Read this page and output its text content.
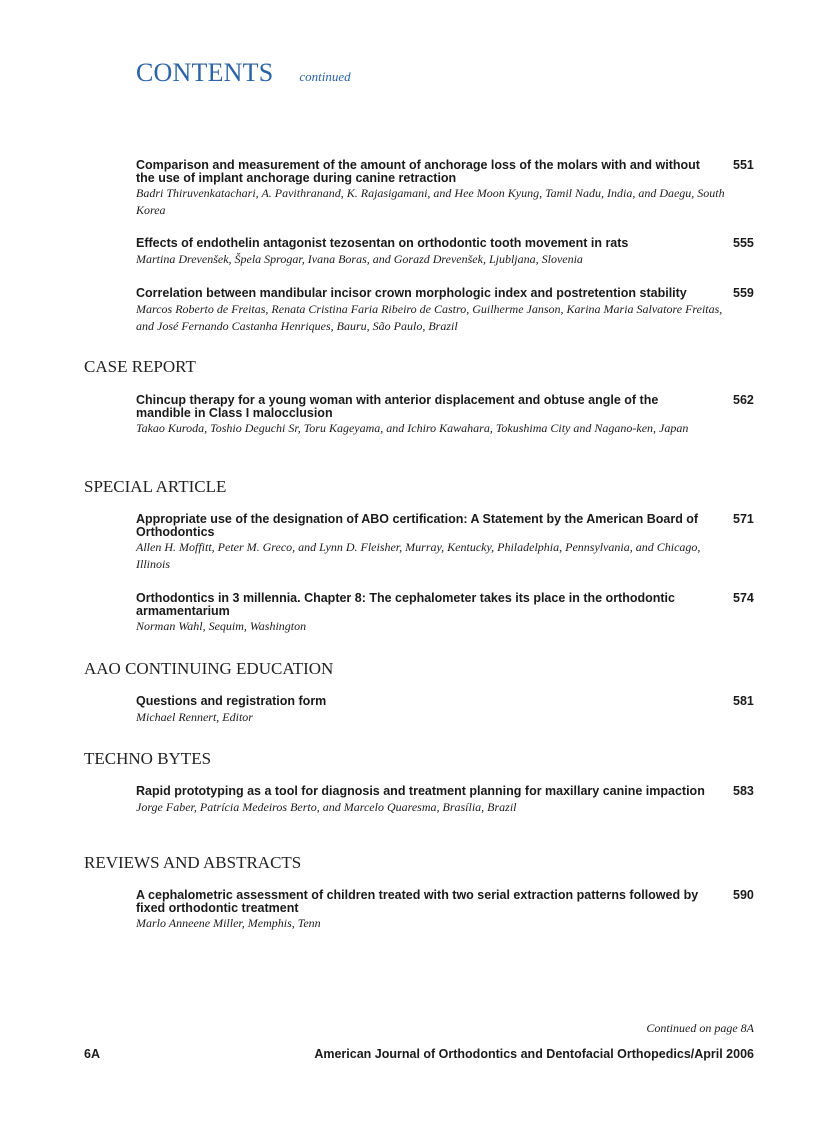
CONTENTS continued

Comparison and measurement of the amount of anchorage loss of the molars with and without the use of implant anchorage during canine retraction

Badri Thiruvenkatachari, A. Pavithranand, K. Rajasigamani, and Hee Moon Kyung, Tamil Nadu, India, and Daegu, South Korea

551

Effects of endothelin antagonist tezosentan on orthodontic tooth movement in rats

Martina Drevenšek, Špela Sprogar, Ivana Boras, and Gorazd Drevenšek, Ljubljana, Slovenia

555

Correlation between mandibular incisor crown morphologic index and postretention stability

Marcos Roberto de Freitas, Renata Cristina Faria Ribeiro de Castro, Guilherme Janson, Karina Maria Salvatore Freitas, and José Fernando Castanha Henriques, Bauru, São Paulo, Brazil

559
CASE REPORT

Chincup therapy for a young woman with anterior displacement and obtuse angle of the mandible in Class I malocclusion

Takao Kuroda, Toshio Deguchi Sr, Toru Kageyama, and Ichiro Kawahara, Tokushima City and Nagano-ken, Japan

562
SPECIAL ARTICLE

Appropriate use of the designation of ABO certification: A Statement by the American Board of Orthodontics

Allen H. Moffitt, Peter M. Greco, and Lynn D. Fleisher, Murray, Kentucky, Philadelphia, Pennsylvania, and Chicago, Illinois

571

Orthodontics in 3 millennia. Chapter 8: The cephalometer takes its place in the orthodontic armamentarium

Norman Wahl, Sequim, Washington

574
AAO CONTINUING EDUCATION

Questions and registration form

Michael Rennert, Editor

581
TECHNO BYTES

Rapid prototyping as a tool for diagnosis and treatment planning for maxillary canine impaction

Jorge Faber, Patrícia Medeiros Berto, and Marcelo Quaresma, Brasília, Brazil

583
REVIEWS AND ABSTRACTS

A cephalometric assessment of children treated with two serial extraction patterns followed by fixed orthodontic treatment

Marlo Anneene Miller, Memphis, Tenn

590
Continued on page 8A
6A	American Journal of Orthodontics and Dentofacial Orthopedics/April 2006
